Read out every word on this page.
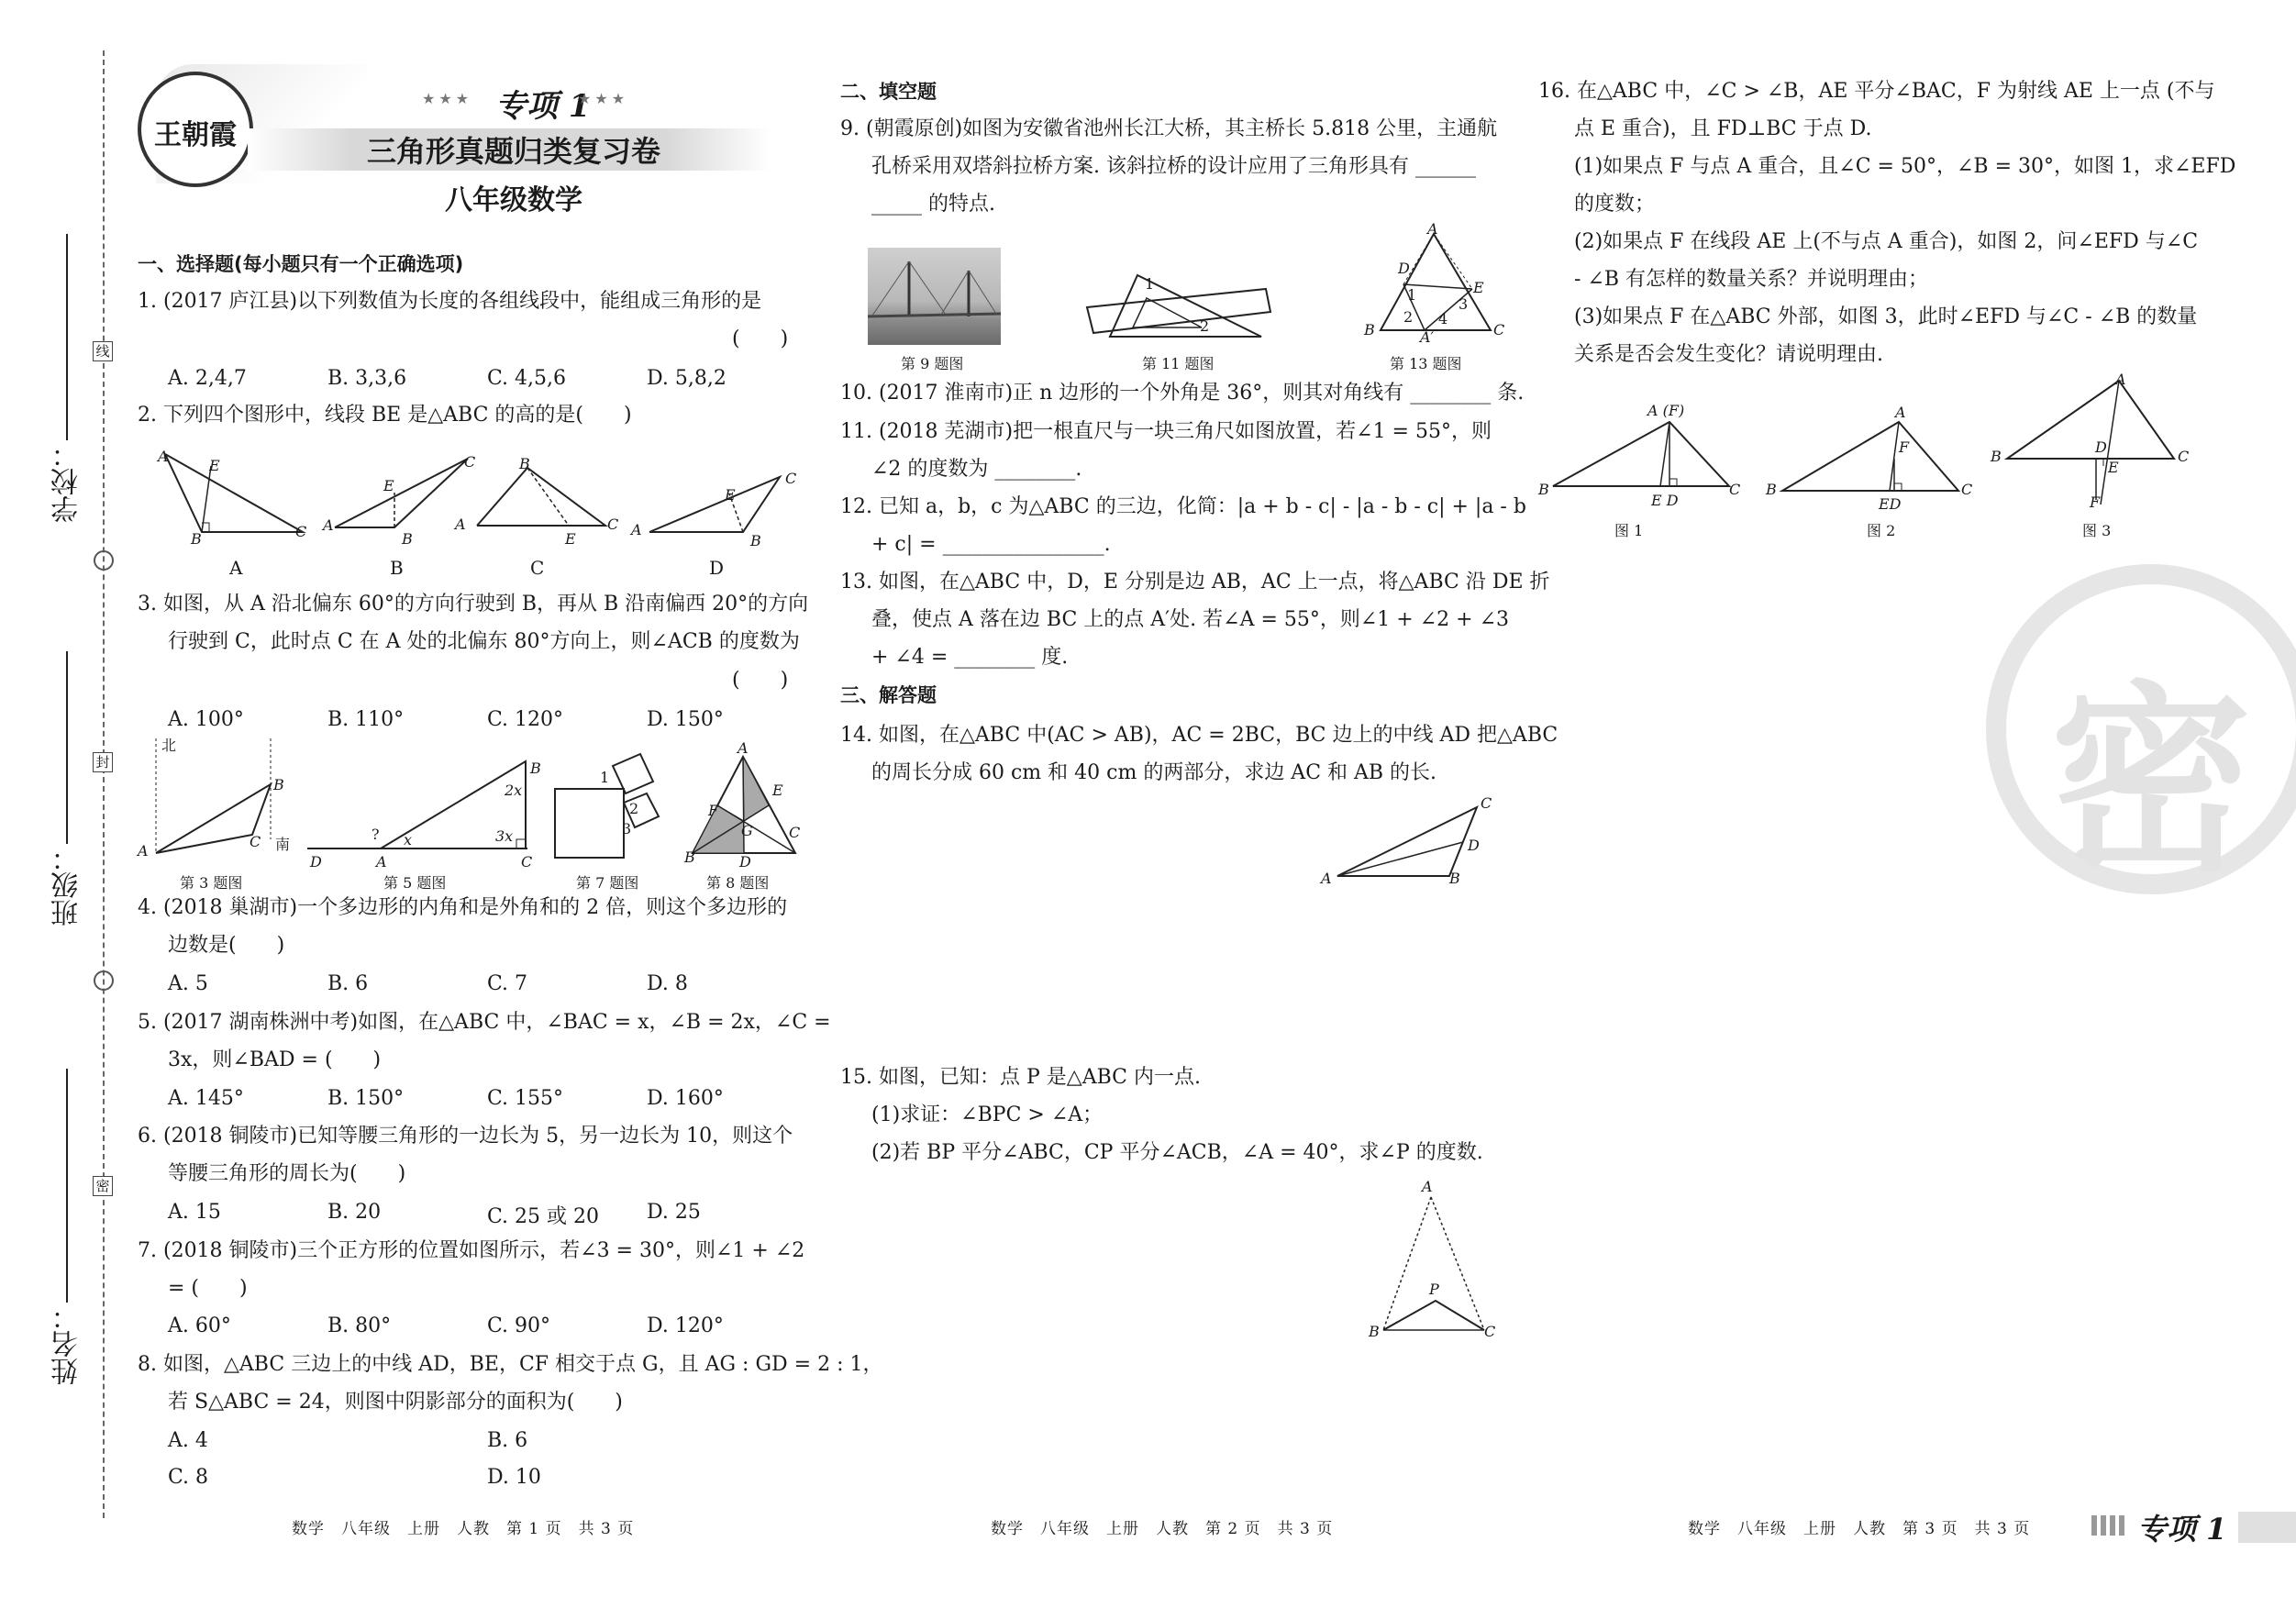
学校：
班级：
姓名：
线
封
密
王朝霞
★★★ 专项 1
★★★
三角形真题归类复习卷
八年级数学
一、选择题(每小题只有一个正确选项)
1. (2017 庐江县)以下列数值为长度的各组线段中，能组成三角形的是
(　　)
A. 2,4,7	B. 3,3,6	C. 4,5,6	D. 5,8,2
2. 下列四个图形中，线段 BE 是△ABC 的高的是(　　)
A
E
B	C
A
A
E
B
C
B
A
B
E
C
C
A
E
B
C
D
3. 如图，从 A 沿北偏东 60°的方向行驶到 B，再从 B 沿南偏西 20°的方向
行驶到 C，此时点 C 在 A 处的北偏东 80°方向上，则∠ACB 的度数为
(　　)
A. 100°	B. 110°	C. 120°	D. 150°
北
B
A
C 南
第 3 题图
D
? x
A
2x
3x
B
C
第 5 题图
1
2
3
第 7 题图
A
F
E
G
B	D
C
第 8 题图
4. (2018 巢湖市)一个多边形的内角和是外角和的 2 倍，则这个多边形的
边数是(　　)
A. 5	B. 6	C. 7	D. 8
5. (2017 湖南株洲中考)如图，在△ABC 中，∠BAC = x，∠B = 2x，∠C =
3x，则∠BAD = (　　)
A. 145°	B. 150°	C. 155°	D. 160°
6. (2018 铜陵市)已知等腰三角形的一边长为 5，另一边长为 10，则这个
等腰三角形的周长为(　　)
A. 15	B. 20	C. 25 或 20 D. 25
7. (2018 铜陵市)三个正方形的位置如图所示，若∠3 = 30°，则∠1 + ∠2
= (　　)
A. 60°	B. 80°	C. 90°	D. 120°
8. 如图，△ABC 三边上的中线 AD，BE，CF 相交于点 G，且 AG : GD = 2 : 1，
若 S△ABC = 24，则图中阴影部分的面积为(　　)
A. 4	B. 6
C. 8	D. 10
二、填空题
9. (朝霞原创)如图为安徽省池州长江大桥，其主桥长 5.818 公里，主通航
孔桥采用双塔斜拉桥方案. 该斜拉桥的设计应用了三角形具有 ______
_____ 的特点.
第 9 题图
1
2
第 11 题图
A
D
E
1
2 4
3
B	A′	C
第 13 题图
10. (2017 淮南市)正 n 边形的一个外角是 36°，则其对角线有 ________ 条.
11. (2018 芜湖市)把一根直尺与一块三角尺如图放置，若∠1 = 55°，则
∠2 的度数为 ________.
12. 已知 a，b，c 为△ABC 的三边，化简：|a + b - c| - |a - b - c| + |a - b
+ c| = ________________.
13. 如图，在△ABC 中，D，E 分别是边 AB，AC 上一点，将△ABC 沿 DE 折
叠，使点 A 落在边 BC 上的点 A′处. 若∠A = 55°，则∠1 + ∠2 + ∠3
+ ∠4 = ________ 度.
三、解答题
14. 如图，在△ABC 中(AC > AB)，AC = 2BC，BC 边上的中线 AD 把△ABC
的周长分成 60 cm 和 40 cm 的两部分，求边 AC 和 AB 的长.
C
D
A	B
15. 如图，已知：点 P 是△ABC 内一点.
(1)求证：∠BPC > ∠A；
(2)若 BP 平分∠ABC，CP 平分∠ACB，∠A = 40°，求∠P 的度数.
A
P
B	C
16. 在△ABC 中，∠C > ∠B，AE 平分∠BAC，F 为射线 AE 上一点 (不与
点 E 重合)，且 FD⊥BC 于点 D.
(1)如果点 F 与点 A 重合，且∠C = 50°，∠B = 30°，如图 1，求∠EFD
的度数；
(2)如果点 F 在线段 AE 上(不与点 A 重合)，如图 2，问∠EFD 与∠C
- ∠B 有怎样的数量关系？并说明理由；
(3)如果点 F 在△ABC 外部，如图 3，此时∠EFD 与∠C - ∠B 的数量
关系是否会发生变化？请说明理由.
A (F)
B
E D
C
图 1
A
F
B
ED
C
图 2
A
B
D
E
C
F
图 3
密
数学　八年级　上册　人教　第 1 页　共 3 页	数学　八年级　上册　人教　第 2 页　共 3 页	数学　八年级　上册　人教　第 3 页　共 3 页	专项 1
